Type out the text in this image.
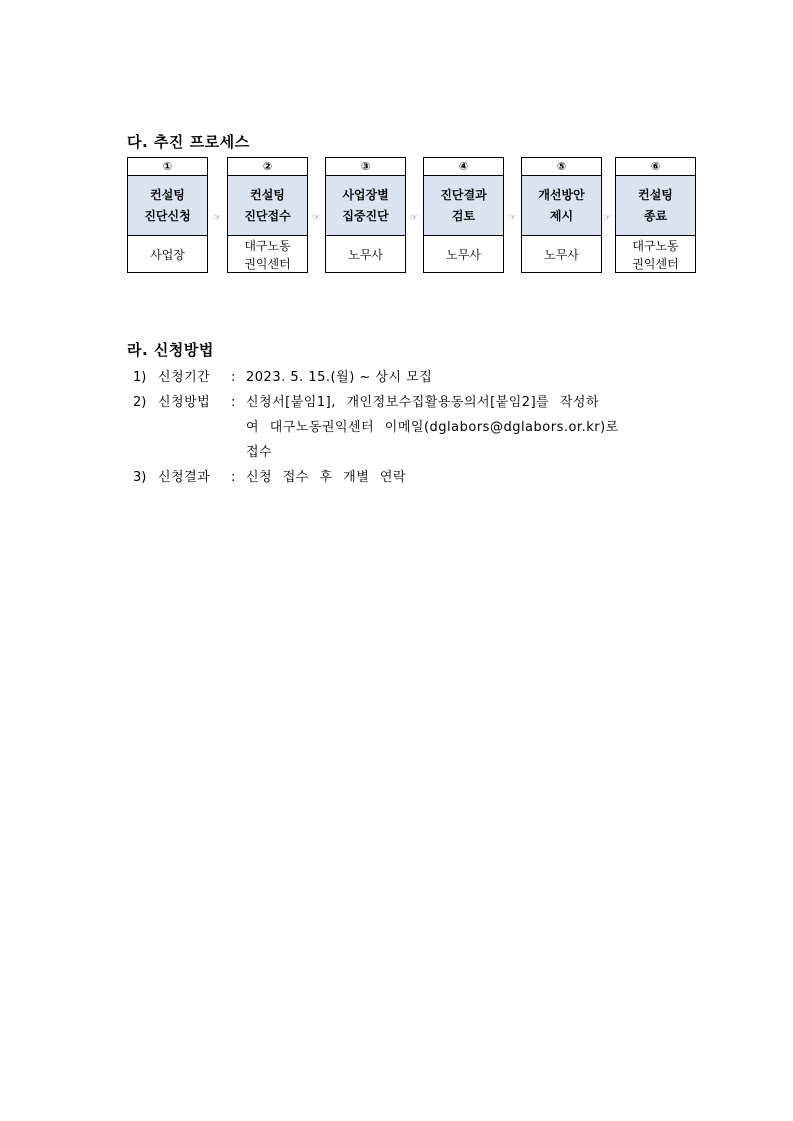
다. 추진 프로세스
①
컨설팅
진단신청
사업장
☞
②
컨설팅
진단접수
대구노동
권익센터
☞
③
사업장별
집중진단
노무사
☞
④
진단결과
검토
노무사
☞
⑤
개선방안
제시
노무사
☞
⑥
컨설팅
종료
대구노동
권익센터
라. 신청방법
1) 신청기간 : 2023. 5. 15.(월) ~ 상시 모집
2) 신청방법 : 신청서[붙임1], 개인정보수집활용동의서[붙임2]를 작성하
여 대구노동권익센터 이메일(dglabors@dglabors.or.kr)로
접수
3) 신청결과 : 신청 접수 후 개별 연락
